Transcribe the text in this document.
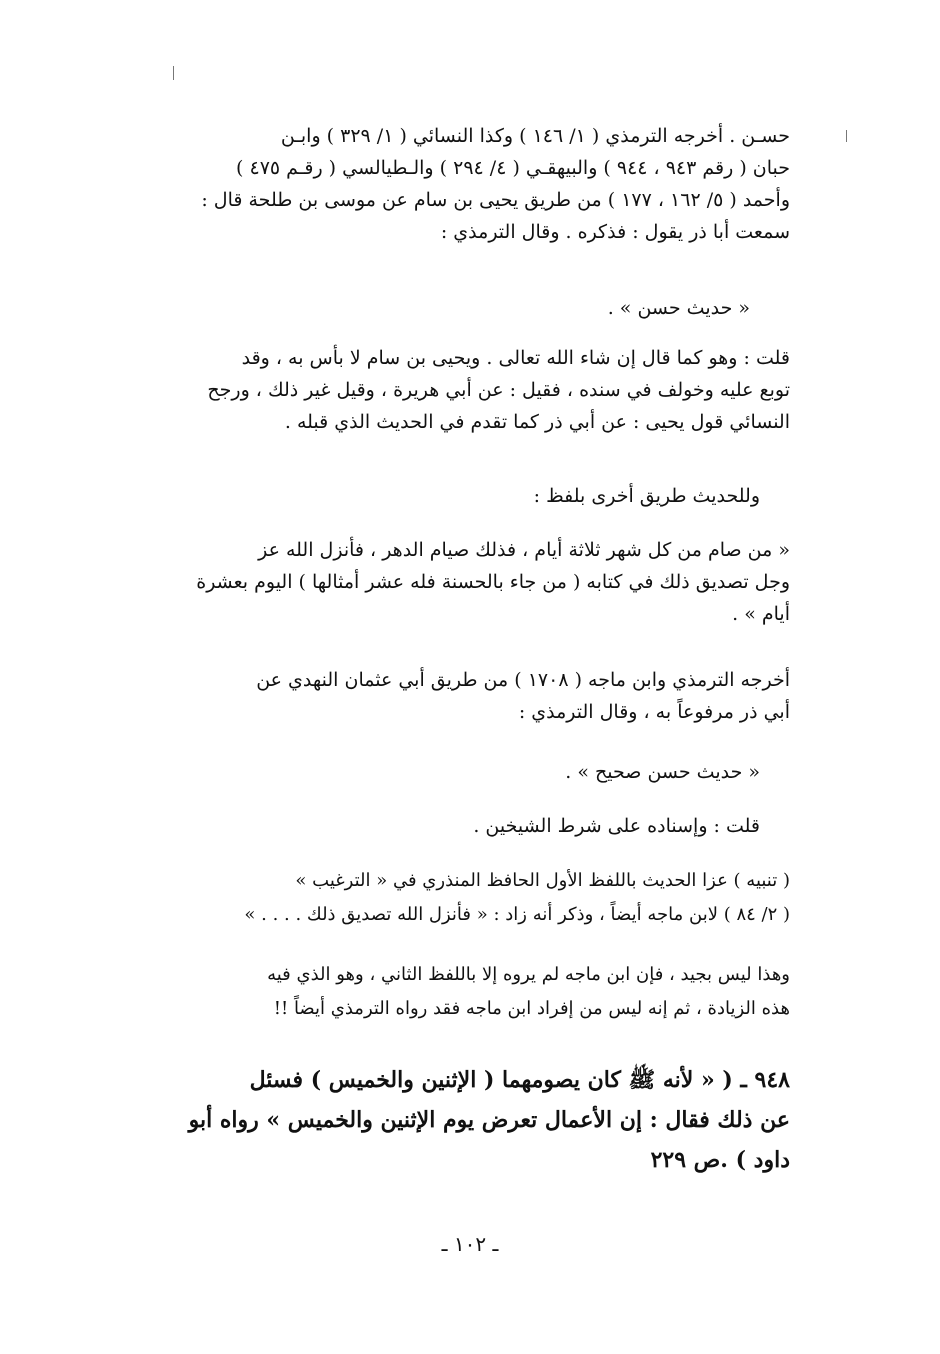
حسـن . أخرجه الترمذي ( ١/ ١٤٦ ) وكذا النسائي ( ١/ ٣٢٩ ) وابـن
حبان ( رقم ٩٤٣ ، ٩٤٤ ) والبيهقـي ( ٤/ ٢٩٤ ) والـطيالسي ( رقـم ٤٧٥ )
وأحمد ( ٥/ ١٦٢ ، ١٧٧ ) من طريق يحيى بن سام عن موسى بن طلحة قال :
سمعت أبا ذر يقول : فذكره . وقال الترمذي :
« حديث حسن » .
قلت : وهو كما قال إن شاء الله تعالى . ويحيى بن سام لا بأس به ، وقد
توبع عليه وخولف في سنده ، فقيل : عن أبي هريرة ، وقيل غير ذلك ، ورجح
النسائي قول يحيى : عن أبي ذر كما تقدم في الحديث الذي قبله .
وللحديث طريق أخرى بلفظ :
« من صام من كل شهر ثلاثة أيام ، فذلك صيام الدهر ، فأنزل الله عز
وجل تصديق ذلك في كتابه ( من جاء بالحسنة فله عشر أمثالها ) اليوم بعشرة
أيام » .
أخرجه الترمذي وابن ماجه ( ١٧٠٨ ) من طريق أبي عثمان النهدي عن
أبي ذر مرفوعاً به ، وقال الترمذي :
« حديث حسن صحيح » .
قلت : وإسناده على شرط الشيخين .
( تنبيه ) عزا الحديث باللفظ الأول الحافظ المنذري في « الترغيب »
( ٢/ ٨٤ ) لابن ماجه أيضاً ، وذكر أنه زاد : « فأنزل الله تصديق ذلك . . . . »
وهذا ليس بجيد ، فإن ابن ماجه لم يروه إلا باللفظ الثاني ، وهو الذي فيه
هذه الزيادة ، ثم إنه ليس من إفراد ابن ماجه فقد رواه الترمذي أيضاً !!
٩٤٨ ـ ( « لأنه ﷺ كان يصومهما ( الإثنين والخميس ) فسئل
عن ذلك فقال : إن الأعمال تعرض يوم الإثنين والخميس » رواه أبو
داود ) .ص ٢٢٩
ـ ١٠٢ ـ
